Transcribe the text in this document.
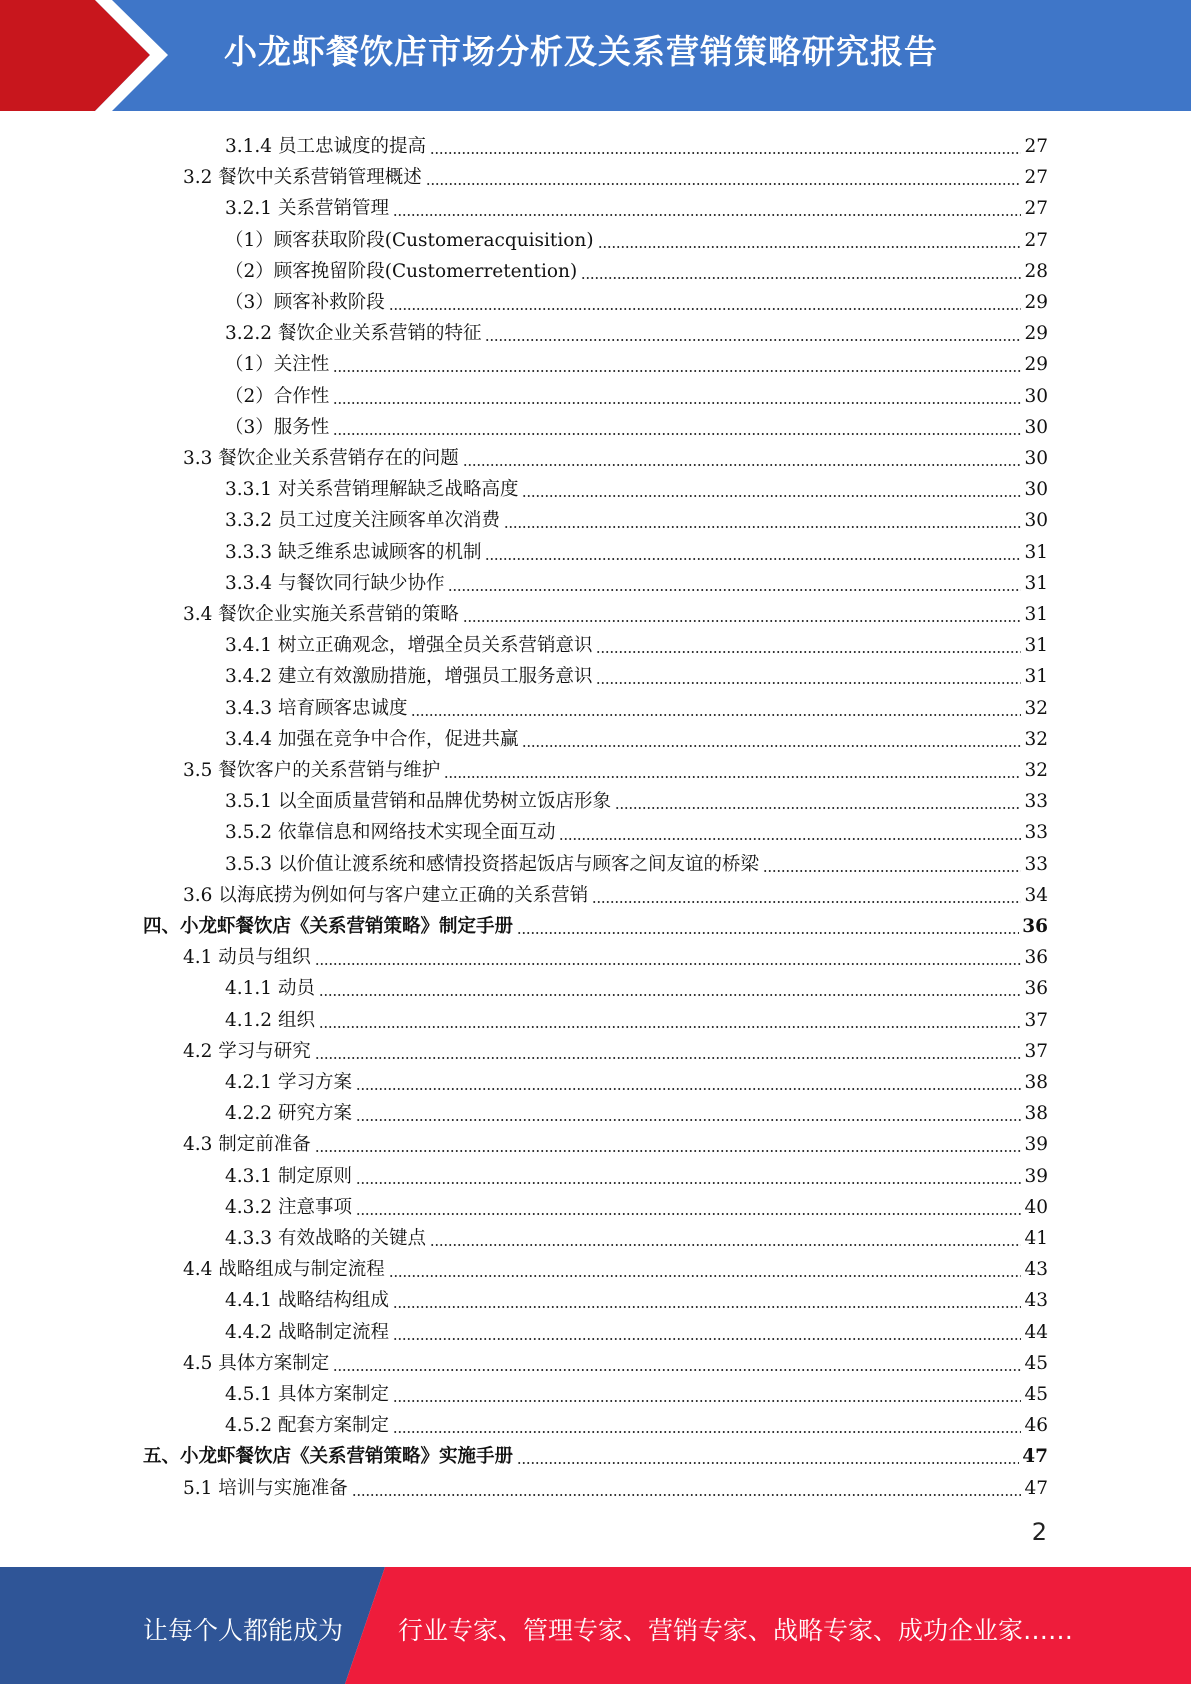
小龙虾餐饮店市场分析及关系营销策略研究报告
3.1.4 员工忠诚度的提高	27
3.2 餐饮中关系营销管理概述	27
3.2.1 关系营销管理	27
（1）顾客获取阶段(Customeracquisition)	27
（2）顾客挽留阶段(Customerretention)	28
（3）顾客补救阶段	29
3.2.2 餐饮企业关系营销的特征	29
（1）关注性	29
（2）合作性	30
（3）服务性	30
3.3 餐饮企业关系营销存在的问题	30
3.3.1 对关系营销理解缺乏战略高度	30
3.3.2 员工过度关注顾客单次消费	30
3.3.3 缺乏维系忠诚顾客的机制	31
3.3.4 与餐饮同行缺少协作	31
3.4 餐饮企业实施关系营销的策略	31
3.4.1 树立正确观念，增强全员关系营销意识	31
3.4.2 建立有效激励措施，增强员工服务意识	31
3.4.3 培育顾客忠诚度	32
3.4.4 加强在竞争中合作，促进共赢	32
3.5 餐饮客户的关系营销与维护	32
3.5.1 以全面质量营销和品牌优势树立饭店形象	33
3.5.2 依靠信息和网络技术实现全面互动	33
3.5.3 以价值让渡系统和感情投资搭起饭店与顾客之间友谊的桥梁	33
3.6 以海底捞为例如何与客户建立正确的关系营销	34
四、小龙虾餐饮店《关系营销策略》制定手册	36
4.1 动员与组织	36
4.1.1 动员	36
4.1.2 组织	37
4.2 学习与研究	37
4.2.1 学习方案	38
4.2.2 研究方案	38
4.3 制定前准备	39
4.3.1 制定原则	39
4.3.2 注意事项	40
4.3.3 有效战略的关键点	41
4.4 战略组成与制定流程	43
4.4.1 战略结构组成	43
4.4.2 战略制定流程	44
4.5 具体方案制定	45
4.5.1 具体方案制定	45
4.5.2 配套方案制定	46
五、小龙虾餐饮店《关系营销策略》实施手册	47
5.1 培训与实施准备	47
2
让每个人都能成为 行业专家、管理专家、营销专家、战略专家、成功企业家……
